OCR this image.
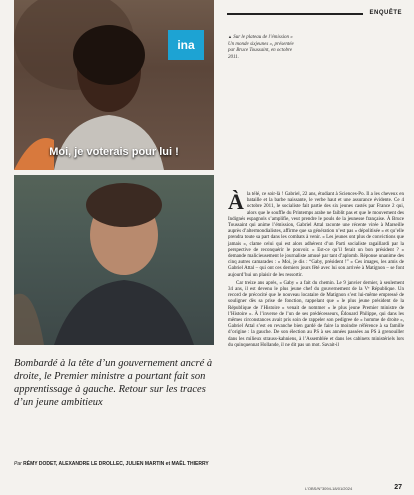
ina
Moi, je voterais pour lui !
ENQUÊTE
▲ Sur le plateau de l’émission « Un monde sixjeunes », présentée par Bruce Toussaint, en octobre 2011.
Bombardé à la tête d’un gouvernement ancré à droite, le Premier ministre a pourtant fait son apprentissage à gauche. Retour sur les traces d’un jeune ambitieux
Par RÉMY DODET, ALEXANDRE LE DROLLEC, JULIEN MARTIN et MAËL THIERRY

À la télé, ce soir-là ! Gabriel, 22 ans, étudiant à Sciences-Po. Il a les cheveux en bataille et la barbe naissante, le verbe haut et une assurance évidente. Ce 4 octobre 2011, le socialiste fait partie des six jeunes castés par France 2 qui, alors que le souffle du Printemps arabe ne faiblit pas et que le mouvement des Indignés espagnols s’amplifie, veut prendre le pouls de la jeunesse française. À Bruce Toussaint qui anime l’émission, Gabriel Attal raconte une récente virée à Marseille auprès d’altermondialistes, affirme que sa génération n’est pas « dépolitisée » et qu’elle prendra toute sa part dans les combats à venir. « Les jeunes ont plus de convictions que jamais », clame celui qui est alors adhérent d’un Parti socialiste ragaillardi par la perspective de reconquérir le pouvoir. « Est-ce qu’il ferait un bon président ? » demande malicieusement le journaliste amusé par tant d’aplomb. Réponse unanime des cinq autres camarades : « Moi, je dis : “Gaby, président !” » Ces images, les amis de Gabriel Attal – qui ont ces derniers jours fêté avec lui son arrivée à Matignon – se font aujourd’hui un plaisir de les ressortir.

Car treize ans après, « Gaby » a fait du chemin. Le 9 janvier dernier, à seulement 34 ans, il est devenu le plus jeune chef du gouvernement de la Vᵉ République. Un record de précocité que le nouveau locataire de Matignon s’est lui-même empressé de souligner dès sa prise de fonction, rappelant que « le plus jeune président de la République de l’Histoire » venait de nommer « le plus jeune Premier ministre de l’Histoire ». À l’inverse de l’un de ses prédécesseurs, Édouard Philippe, qui dans les mêmes circonstances avait pris soin de rappeler son pedigree de « homme de droite », Gabriel Attal s’est en revanche bien gardé de faire la moindre référence à sa famille d’origine : la gauche. De son élection au PS à ses années passées au PS à grenouiller dans les milieux strauss-kahniens, à l’Assemblée et dans les cabinets ministériels lors du quinquennat Hollande, il ne dit pas un mot. Savait-il

L’OBS/N°3094-18/01/2024	27
